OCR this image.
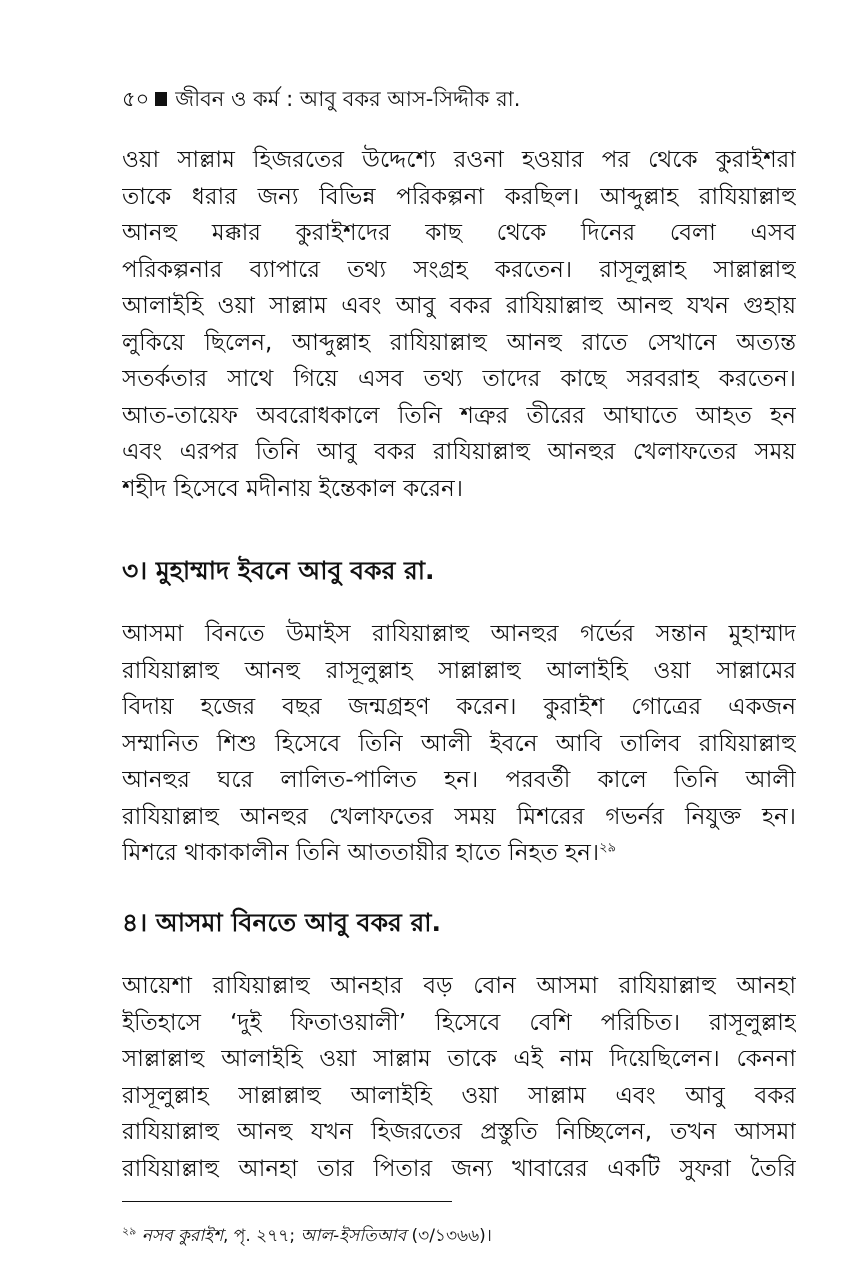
৫০ জীবন ও কর্ম : আবু বকর আস-সিদ্দীক রা.
ওয়া সাল্লাম হিজরতের উদ্দেশ্যে রওনা হওয়ার পর থেকে কুরাইশরা
তাকে ধরার জন্য বিভিন্ন পরিকল্পনা করছিল। আব্দুল্লাহ রাযিয়াল্লাহু
আনহু মক্কার কুরাইশদের কাছ থেকে দিনের বেলা এসব
পরিকল্পনার ব্যাপারে তথ্য সংগ্রহ করতেন। রাসূলুল্লাহ সাল্লাল্লাহু
আলাইহি ওয়া সাল্লাম এবং আবু বকর রাযিয়াল্লাহু আনহু যখন গুহায়
লুকিয়ে ছিলেন, আব্দুল্লাহ রাযিয়াল্লাহু আনহু রাতে সেখানে অত্যন্ত
সতর্কতার সাথে গিয়ে এসব তথ্য তাদের কাছে সরবরাহ করতেন।
আত-তায়েফ অবরোধকালে তিনি শত্রুর তীরের আঘাতে আহত হন
এবং এরপর তিনি আবু বকর রাযিয়াল্লাহু আনহুর খেলাফতের সময়
শহীদ হিসেবে মদীনায় ইন্তেকাল করেন।
৩। মুহাম্মাদ ইবনে আবু বকর রা.
আসমা বিনতে উমাইস রাযিয়াল্লাহু আনহুর গর্ভের সন্তান মুহাম্মাদ
রাযিয়াল্লাহু আনহু রাসূলুল্লাহ সাল্লাল্লাহু আলাইহি ওয়া সাল্লামের
বিদায় হজের বছর জন্মগ্রহণ করেন। কুরাইশ গোত্রের একজন
সম্মানিত শিশু হিসেবে তিনি আলী ইবনে আবি তালিব রাযিয়াল্লাহু
আনহুর ঘরে লালিত-পালিত হন। পরবর্তী কালে তিনি আলী
রাযিয়াল্লাহু আনহুর খেলাফতের সময় মিশরের গভর্নর নিযুক্ত হন।
মিশরে থাকাকালীন তিনি আততায়ীর হাতে নিহত হন।$^{২৯}$
৪। আসমা বিনতে আবু বকর রা.
আয়েশা রাযিয়াল্লাহু আনহার বড় বোন আসমা রাযিয়াল্লাহু আনহা
ইতিহাসে ‘দুই ফিতাওয়ালী’ হিসেবে বেশি পরিচিত। রাসূলুল্লাহ
সাল্লাল্লাহু আলাইহি ওয়া সাল্লাম তাকে এই নাম দিয়েছিলেন। কেননা
রাসূলুল্লাহ সাল্লাল্লাহু আলাইহি ওয়া সাল্লাম এবং আবু বকর
রাযিয়াল্লাহু আনহু যখন হিজরতের প্রস্তুতি নিচ্ছিলেন, তখন আসমা
রাযিয়াল্লাহু আনহা তার পিতার জন্য খাবারের একটি সুফরা তৈরি
$^{২৯}$ নসব কুরাইশ, পৃ. ২৭৭; আল-ইসতিআব (৩/১৩৬৬)।
